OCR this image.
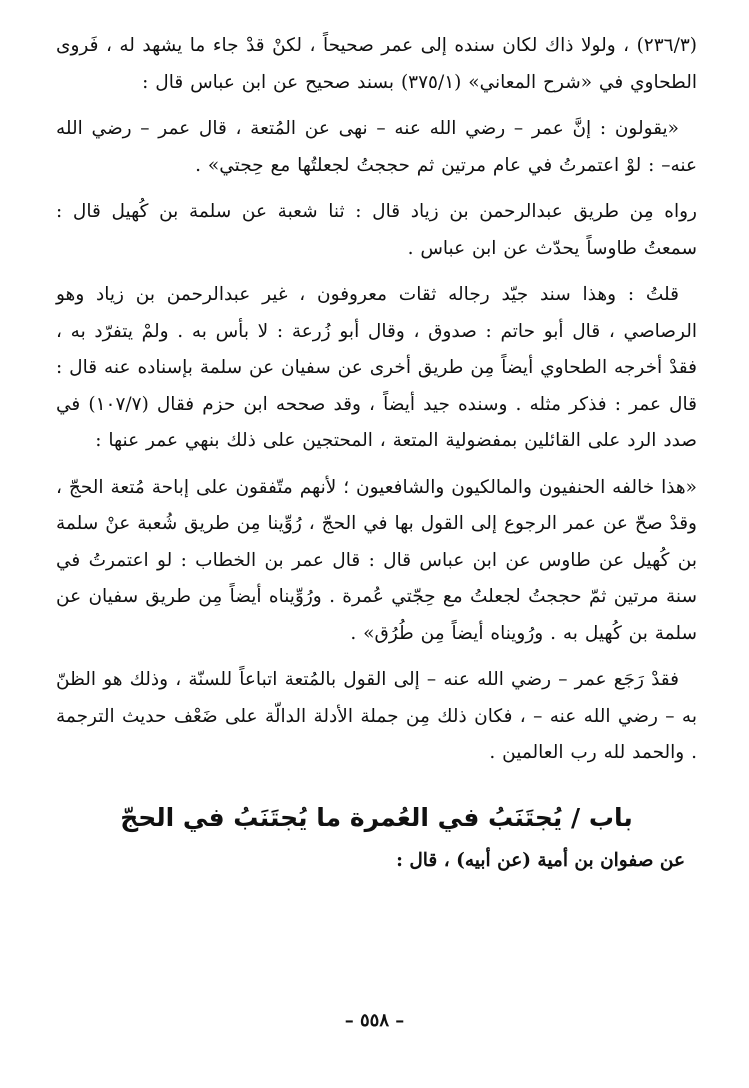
(٢٣٦/٣) ، ولولا ذاك لكان سنده إلى عمر صحيحاً ، لكنْ قدْ جاء ما يشهد له ، فَروى الطحاوي في «شرح المعاني» (٣٧٥/١) بسند صحيح عن ابن عباس قال :

«يقولون : إنَّ عمر – رضي الله عنه – نهى عن المُتعة ، قال عمر – رضي الله عنه– : لوْ اعتمرتُ في عام مرتين ثم حججتُ لجعلتُها مع حِجتي» .

رواه مِن طريق عبدالرحمن بن زياد قال : ثنا شعبة عن سلمة بن كُهيل قال : سمعتُ طاوساً يحدّث عن ابن عباس .

قلتُ : وهذا سند جيّد رجاله ثقات معروفون ، غير عبدالرحمن بن زياد وهو الرصاصي ، قال أبو حاتم : صدوق ، وقال أبو زُرعة : لا بأس به . ولمْ يتفرّد به ، فقدْ أخرجه الطحاوي أيضاً مِن طريق أخرى عن سفيان عن سلمة بإسناده عنه قال : قال عمر : فذكر مثله . وسنده جيد أيضاً ، وقد صححه ابن حزم فقال (١٠٧/٧) في صدد الرد على القائلين بمفضولية المتعة ، المحتجين على ذلك بنهي عمر عنها :

«هذا خالفه الحنفيون والمالكيون والشافعيون ؛ لأنهم متّفقون على إباحة مُتعة الحجّ ، وقدْ صحّ عن عمر الرجوع إلى القول بها في الحجّ ، رُوِّينا مِن طريق شُعبة عنْ سلمة بن كُهيل عن طاوس عن ابن عباس قال : قال عمر بن الخطاب : لو اعتمرتُ في سنة مرتين ثمّ حججتُ لجعلتُ مع حِجّتي عُمرة . ورُوِّيناه أيضاً مِن طريق سفيان عن سلمة بن كُهيل به . ورُويناه أيضاً مِن طُرُق» .

فقدْ رَجَع عمر – رضي الله عنه – إلى القول بالمُتعة اتباعاً للسنّة ، وذلك هو الظنّ به – رضي الله عنه – ، فكان ذلك مِن جملة الأدلة الدالّة على ضَعْف حديث الترجمة . والحمد لله رب العالمين .

باب / يُجتَنَبُ في العُمرة ما يُجتَنَبُ في الحجّ

عن صفوان بن أمية (عن أبيه) ، قال :

– ٥٥٨ –
